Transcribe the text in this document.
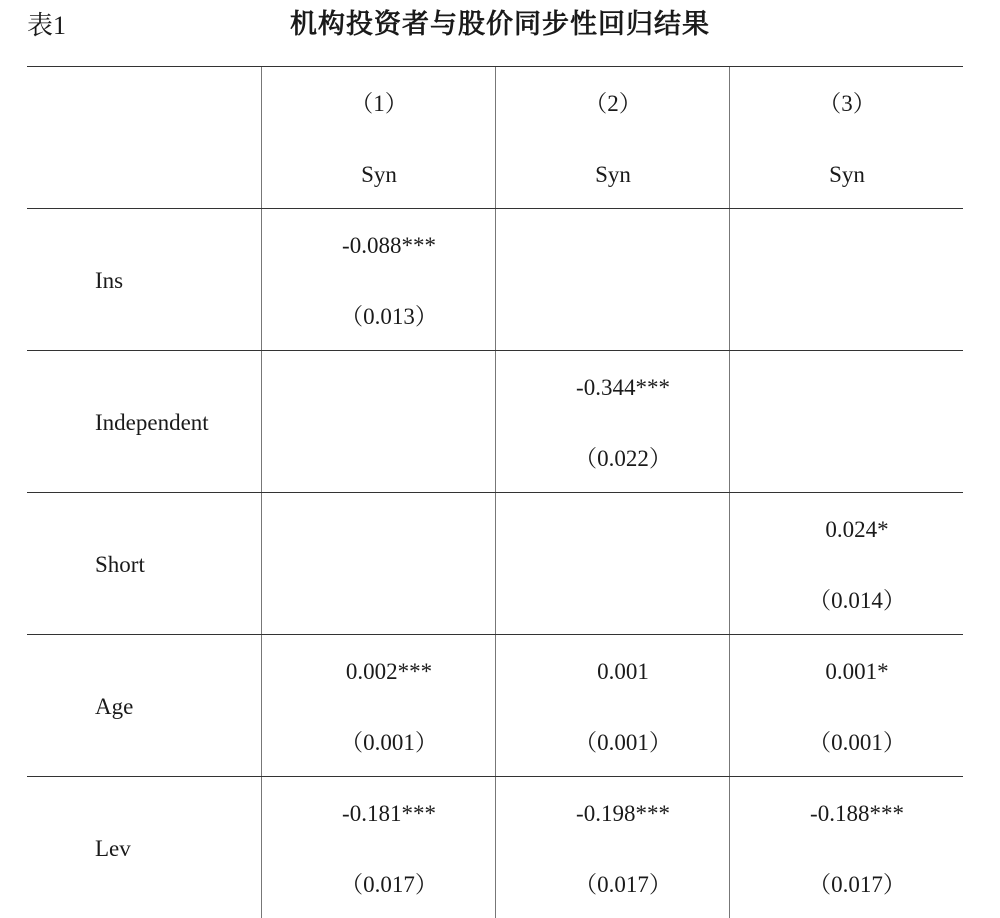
表1	机构投资者与股价同步性回归结果
（1）
Syn
（2）
Syn
（3）
Syn
Ins
-0.088***
（0.013）
Independent
-0.344***
（0.022）
Short
0.024*
（0.014）
Age
0.002***
（0.001）
0.001
（0.001）
0.001*
（0.001）
Lev
-0.181***
（0.017）
-0.198***
（0.017）
-0.188***
（0.017）
